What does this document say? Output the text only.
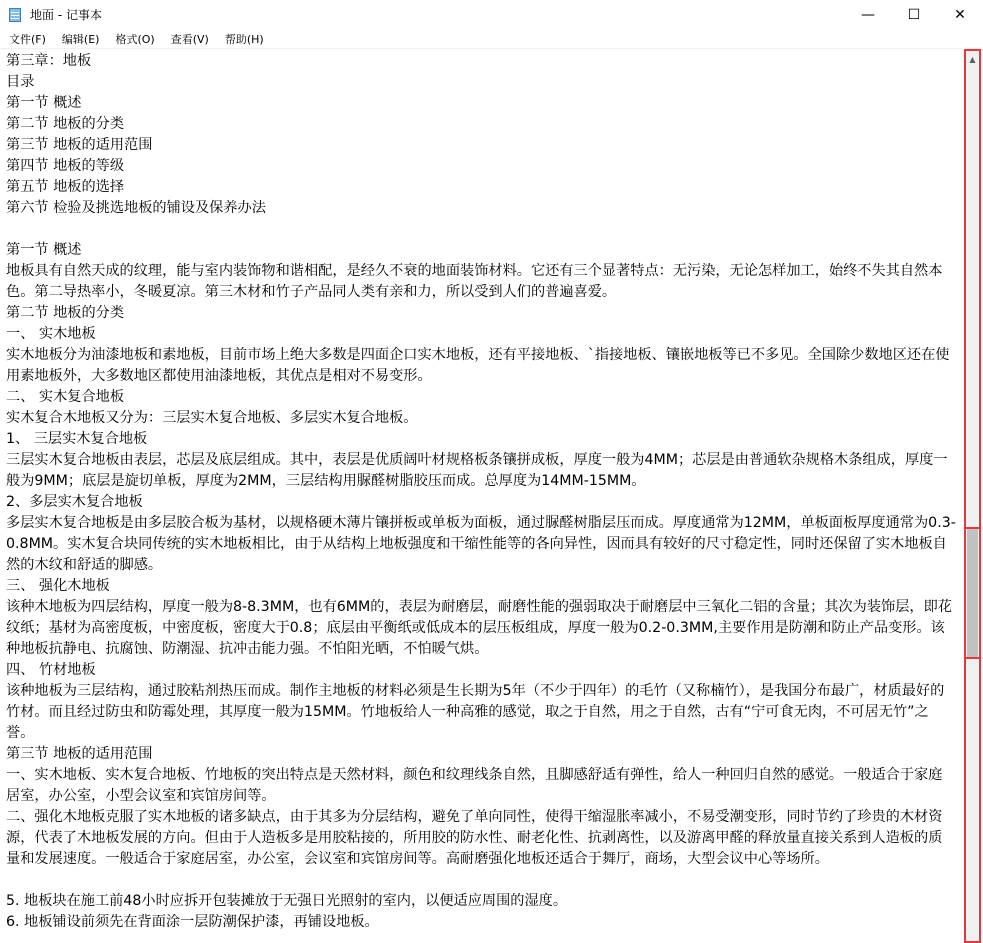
地面 - 记事本	—	☐	✕
文件(F)	编辑(E)	格式(O)	查看(V)	帮助(H)
第三章：地板
目录
第一节 概述
第二节 地板的分类
第三节 地板的适用范围
第四节 地板的等级
第五节 地板的选择
第六节 检验及挑选地板的铺设及保养办法

第一节 概述
地板具有自然天成的纹理，能与室内装饰物和谐相配，是经久不衰的地面装饰材料。它还有三个显著特点：无污染，无论怎样加工，始终不失其自然本色。第二导热率小，冬暖夏凉。第三木材和竹子产品同人类有亲和力，所以受到人们的普遍喜爱。
第二节 地板的分类
一、 实木地板
实木地板分为油漆地板和素地板，目前市场上绝大多数是四面企口实木地板，还有平接地板、`指接地板、镶嵌地板等已不多见。全国除少数地区还在使用素地板外，大多数地区都使用油漆地板，其优点是相对不易变形。
二、 实木复合地板
实木复合木地板又分为：三层实木复合地板、多层实木复合地板。
1、 三层实木复合地板
三层实木复合地板由表层，芯层及底层组成。其中，表层是优质阔叶材规格板条镶拼成板，厚度一般为4MM；芯层是由普通软杂规格木条组成，厚度一般为9MM；底层是旋切单板，厚度为2MM，三层结构用脲醛树脂胶压而成。总厚度为14MM-15MM。
2、多层实木复合地板
多层实木复合地板是由多层胶合板为基材，以规格硬木薄片镶拼板或单板为面板，通过脲醛树脂层压而成。厚度通常为12MM，单板面板厚度通常为0.3-0.8MM。实木复合块同传统的实木地板相比，由于从结构上地板强度和干缩性能等的各向异性，因而具有较好的尺寸稳定性，同时还保留了实木地板自然的木纹和舒适的脚感。
三、 强化木地板
该种木地板为四层结构，厚度一般为8-8.3MM，也有6MM的，表层为耐磨层，耐磨性能的强弱取决于耐磨层中三氧化二铝的含量；其次为装饰层，即花纹纸；基材为高密度板，中密度板，密度大于0.8；底层由平衡纸或低成本的层压板组成，厚度一般为0.2-0.3MM,主要作用是防潮和防止产品变形。该种地板抗静电、抗腐蚀、防潮湿、抗冲击能力强。不怕阳光晒，不怕暖气烘。
四、 竹材地板
该种地板为三层结构，通过胶粘剂热压而成。制作主地板的材料必须是生长期为5年（不少于四年）的毛竹（又称楠竹），是我国分布最广，材质最好的竹材。而且经过防虫和防霉处理，其厚度一般为15MM。竹地板给人一种高雅的感觉，取之于自然，用之于自然，古有“宁可食无肉，不可居无竹”之誉。
第三节 地板的适用范围
一、实木地板、实木复合地板、竹地板的突出特点是天然材料，颜色和纹理线条自然，且脚感舒适有弹性，给人一种回归自然的感觉。一般适合于家庭居室，办公室，小型会议室和宾馆房间等。
二、强化木地板克服了实木地板的诸多缺点，由于其多为分层结构，避免了单向同性，使得干缩湿胀率减小，不易受潮变形，同时节约了珍贵的木材资源，代表了木地板发展的方向。但由于人造板多是用胶粘接的，所用胶的防水性、耐老化性、抗剥离性，以及游离甲醛的释放量直接关系到人造板的质量和发展速度。一般适合于家庭居室，办公室，会议室和宾馆房间等。高耐磨强化地板还适合于舞厅，商场，大型会议中心等场所。

5. 地板块在施工前48小时应拆开包装摊放于无强日光照射的室内，以便适应周围的湿度。
6. 地板铺设前须先在背面涂一层防潮保护漆，再铺设地板。
▲
